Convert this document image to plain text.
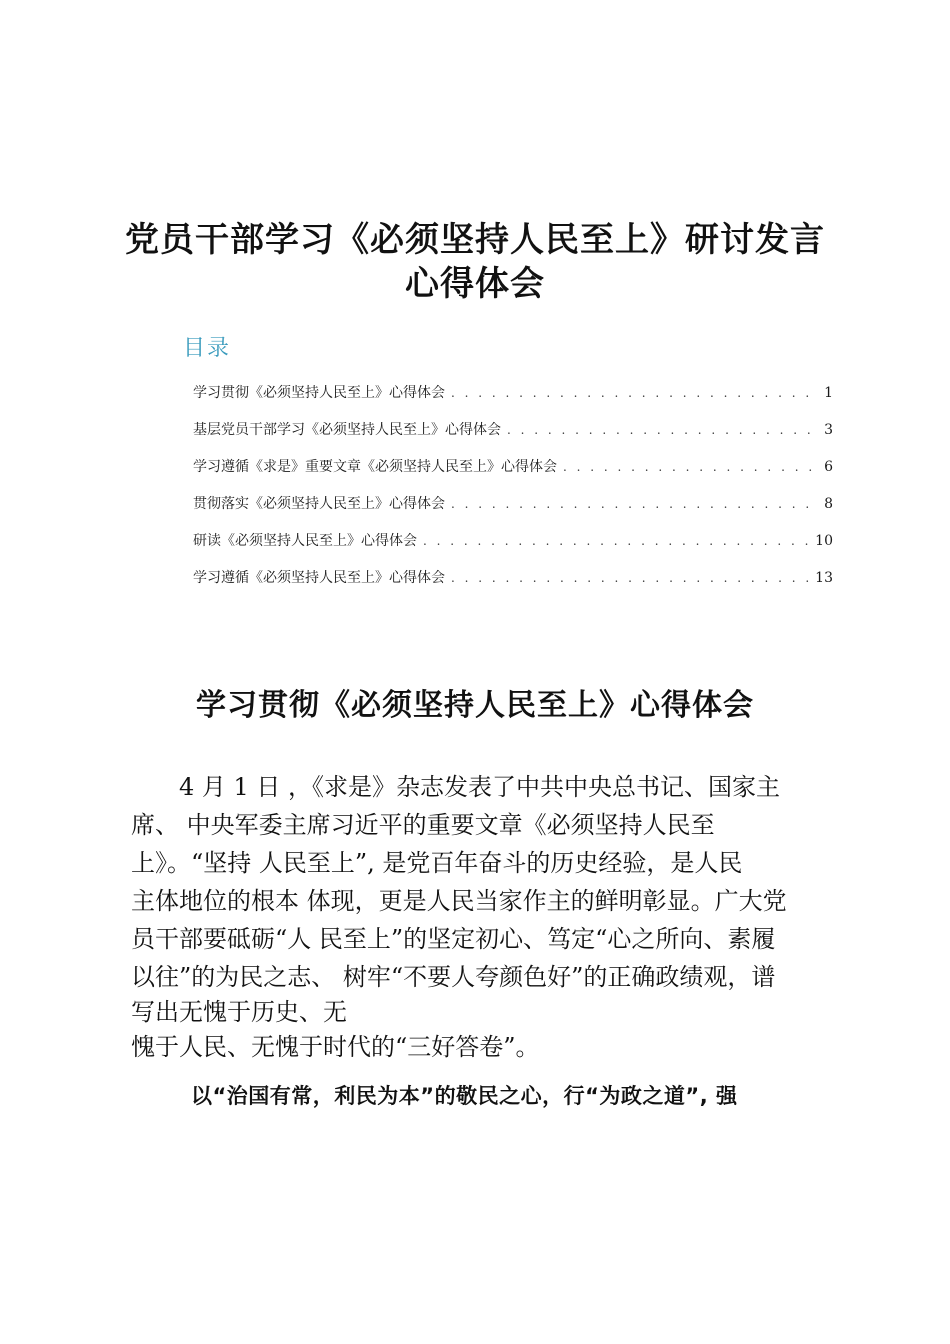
党员干部学习《必须坚持人民至上》研讨发言
心得体会
目录
学习贯彻《必须坚持人民至上》心得体会 . . .	1
基层党员干部学习《必须坚持人民至上》心得体会 . . .	3
学习遵循《求是》重要文章《必须坚持人民至上》心得体会 . . .	6
贯彻落实《必须坚持人民至上》心得体会 . . .	8
研读《必须坚持人民至上》心得体会 . . .	10
学习遵循《必须坚持人民至上》心得体会 . . .	13
学习贯彻《必须坚持人民至上》心得体会
4 月 1 日 ，《求是》杂志发表了中共中央总书记、国家主
席、 中央军委主席习近平的重要文章《必须坚持人民至
上》。“坚持 人民至上”, 是党百年奋斗的历史经验，是人民
主体地位的根本 体现，更是人民当家作主的鲜明彰显。广大党
员干部要砥砺“人 民至上”的坚定初心、笃定“心之所向、素履
以往”的为民之志、 树牢“不要人夸颜色好”的正确政绩观，谱
写出无愧于历史、无
愧于人民、无愧于时代的“三好答卷”。
以“治国有常，利民为本”的敬民之心，行“为政之道”, 强
